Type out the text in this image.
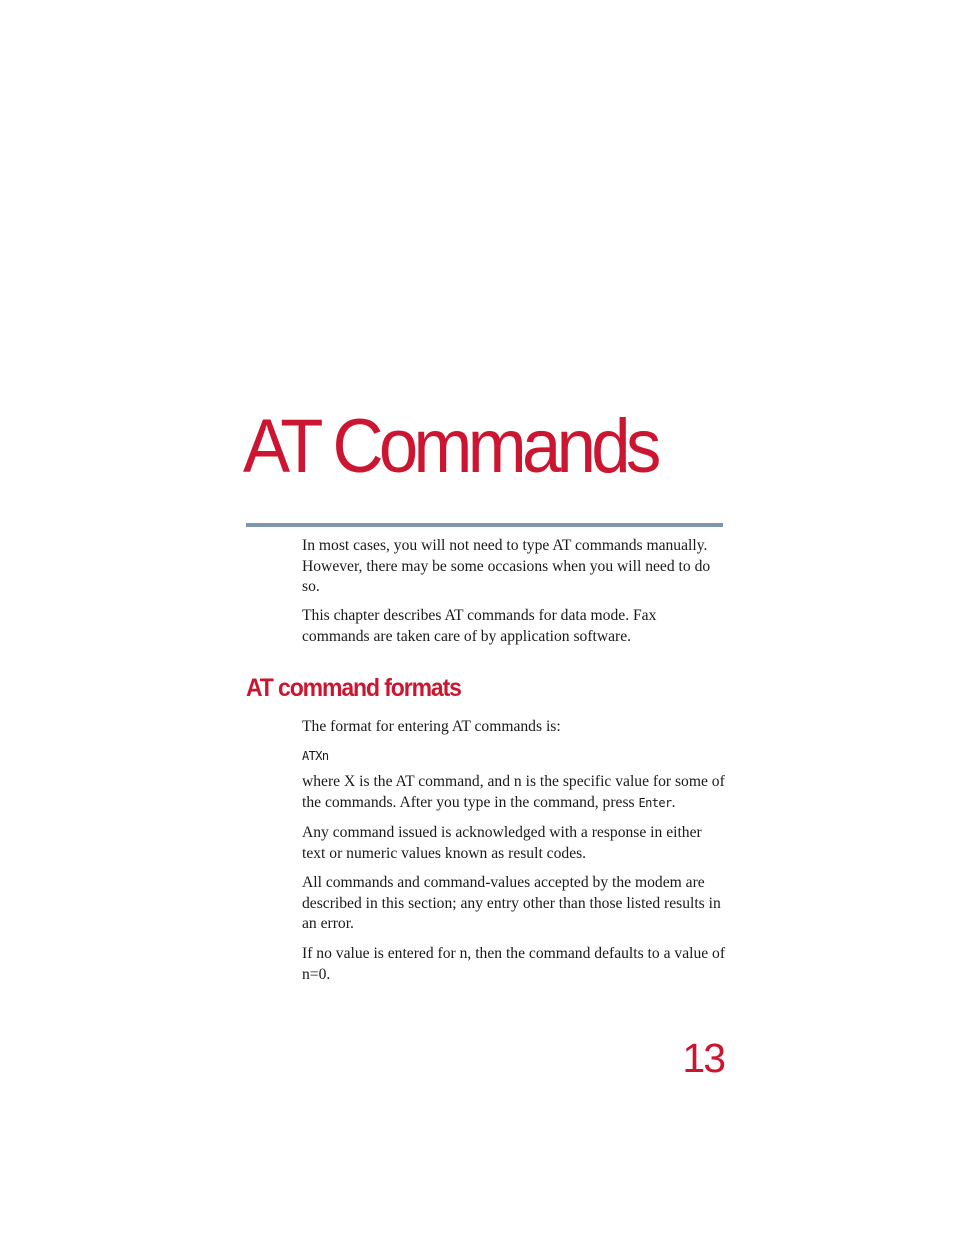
AT Commands

In most cases, you will not need to type AT commands manually. However, there may be some occasions when you will need to do so.

This chapter describes AT commands for data mode. Fax commands are taken care of by application software.

AT command formats

The format for entering AT commands is:

ATXn

where X is the AT command, and n is the specific value for some of the commands. After you type in the command, press Enter.

Any command issued is acknowledged with a response in either text or numeric values known as result codes.

All commands and command-values accepted by the modem are described in this section; any entry other than those listed results in an error.

If no value is entered for n, then the command defaults to a value of n=0.

13
